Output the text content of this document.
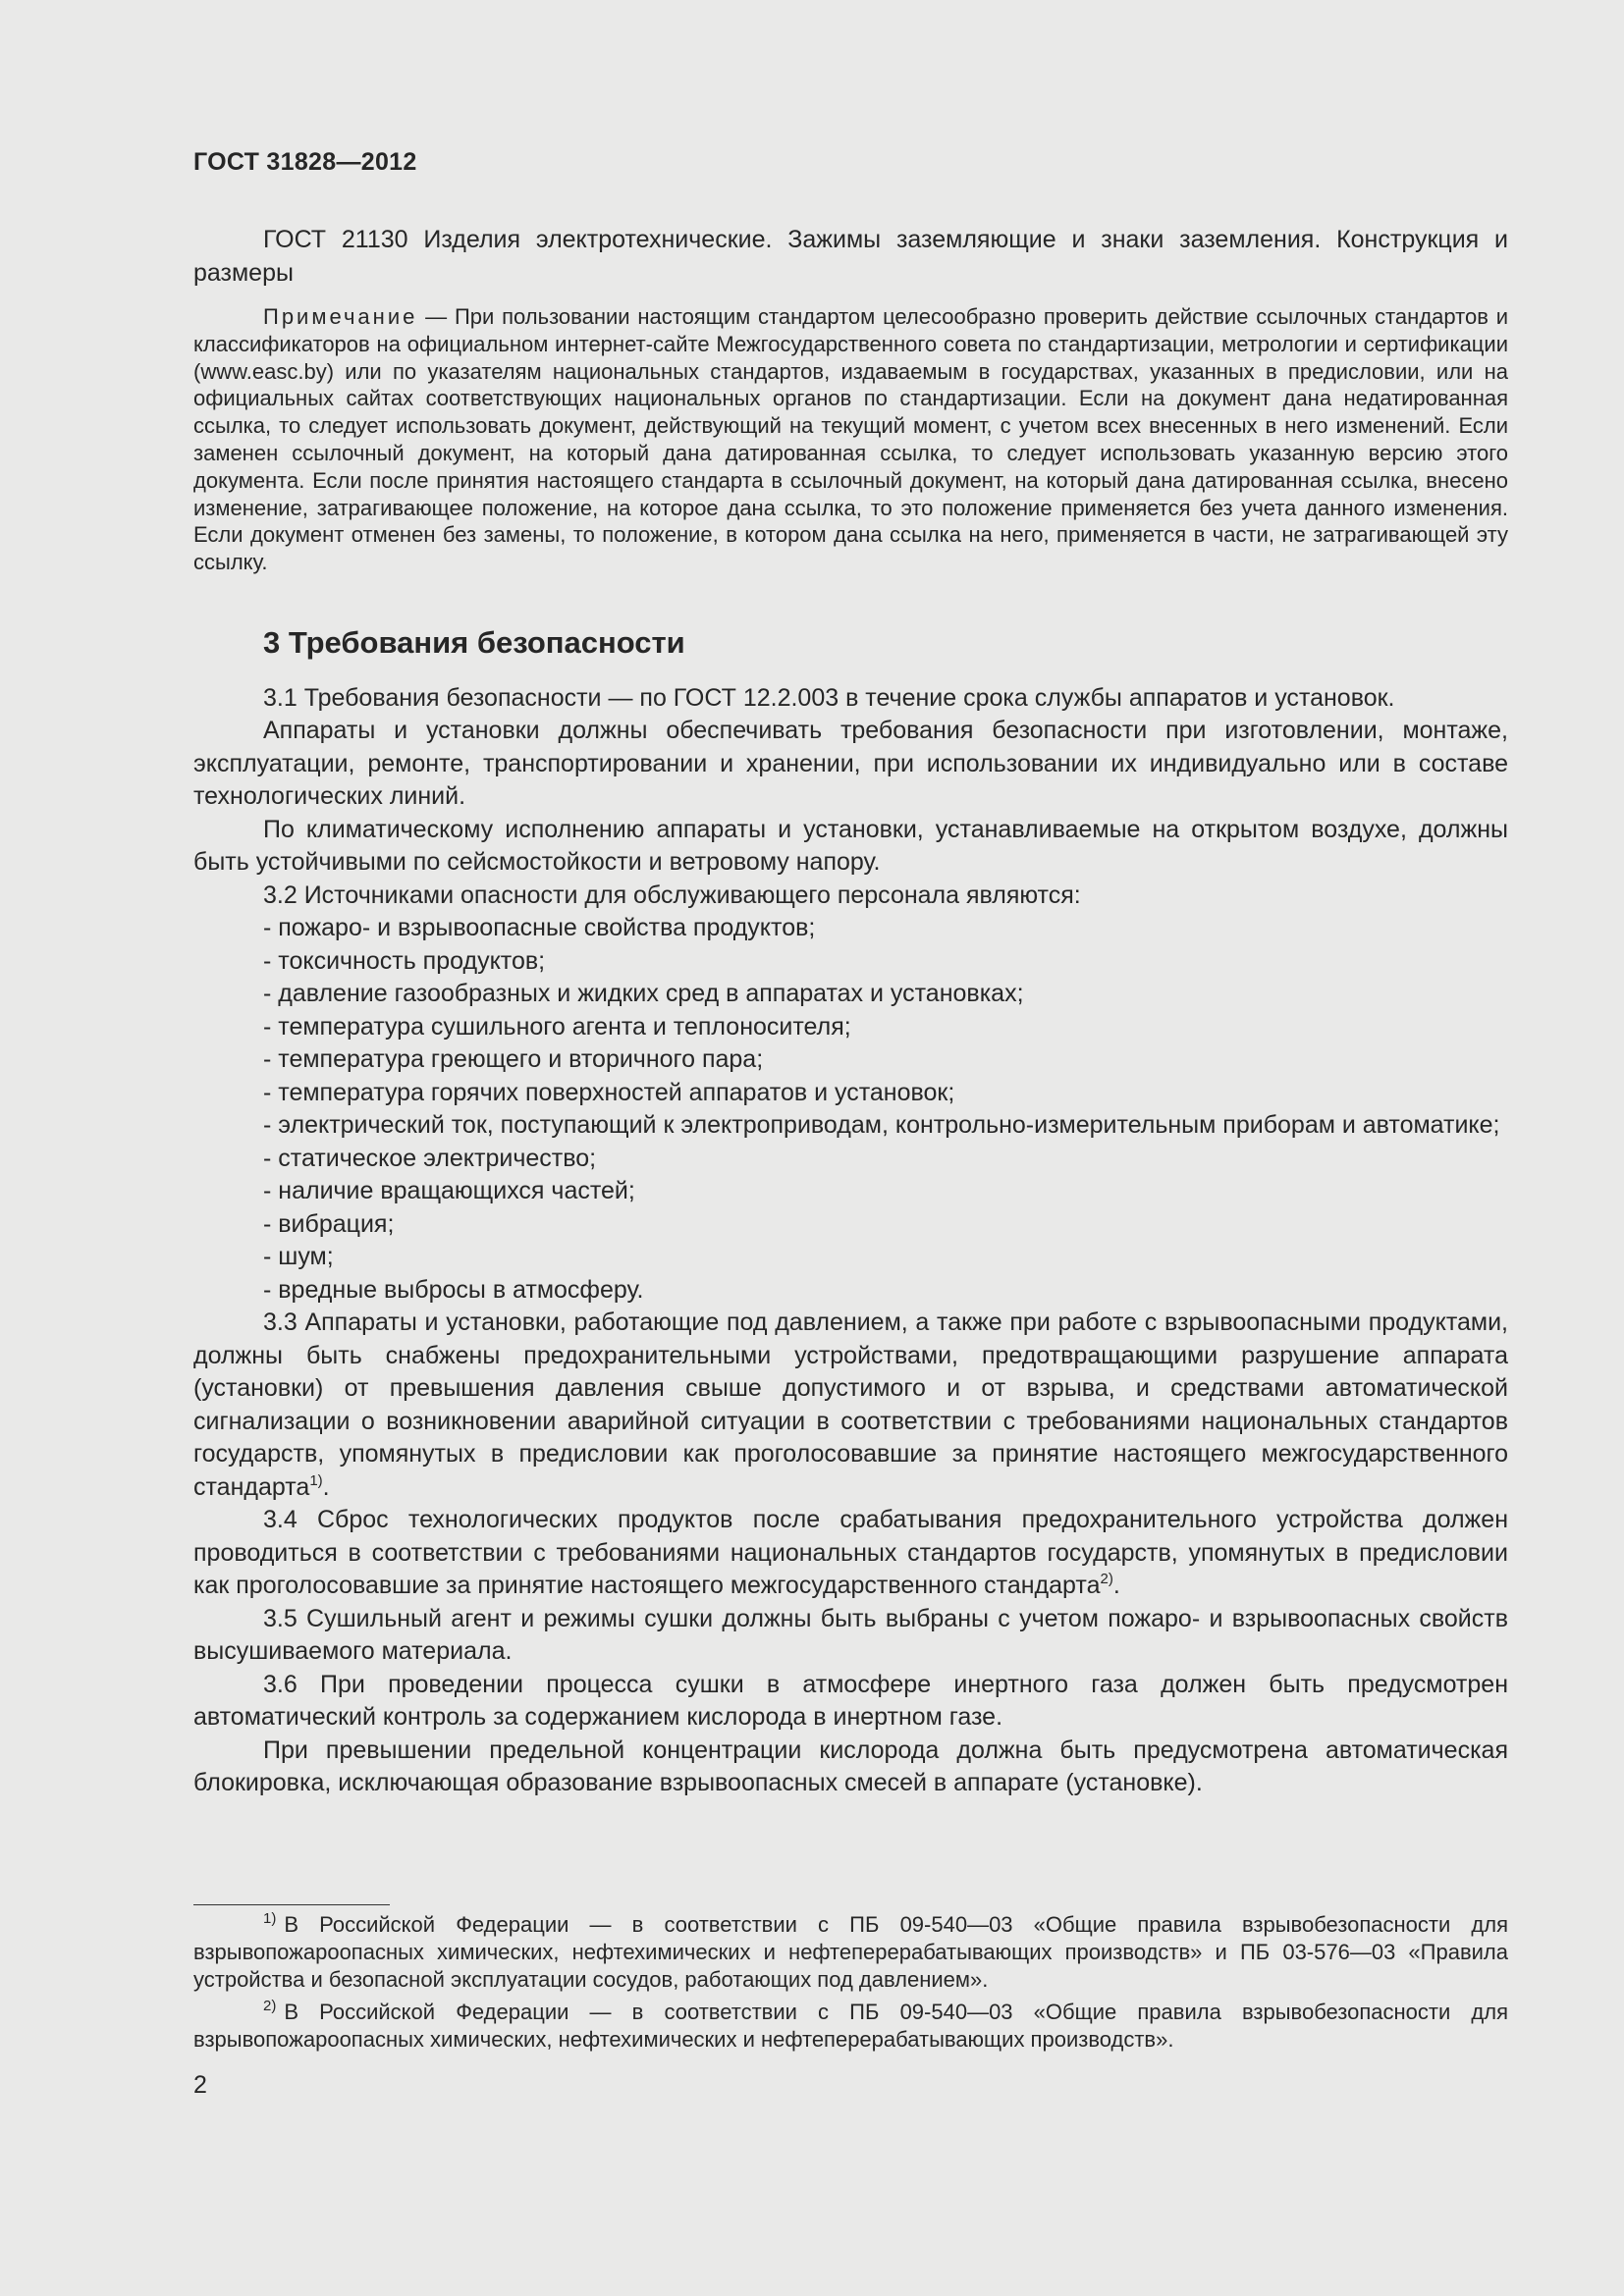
ГОСТ 31828—2012

ГОСТ 21130 Изделия электротехнические. Зажимы заземляющие и знаки заземления. Конструкция и размеры

Примечание — При пользовании настоящим стандартом целесообразно проверить действие ссылочных стандартов и классификаторов на официальном интернет-сайте Межгосударственного совета по стандартизации, метрологии и сертификации (www.easc.by) или по указателям национальных стандартов, издаваемым в государствах, указанных в предисловии, или на официальных сайтах соответствующих национальных органов по стандартизации. Если на документ дана недатированная ссылка, то следует использовать документ, действующий на текущий момент, с учетом всех внесенных в него изменений. Если заменен ссылочный документ, на который дана датированная ссылка, то следует использовать указанную версию этого документа. Если после принятия настоящего стандарта в ссылочный документ, на который дана датированная ссылка, внесено изменение, затрагивающее положение, на которое дана ссылка, то это положение применяется без учета данного изменения. Если документ отменен без замены, то положение, в котором дана ссылка на него, применяется в части, не затрагивающей эту ссылку.

3 Требования безопасности

3.1 Требования безопасности — по ГОСТ 12.2.003 в течение срока службы аппаратов и установок.

Аппараты и установки должны обеспечивать требования безопасности при изготовлении, монтаже, эксплуатации, ремонте, транспортировании и хранении, при использовании их индивидуально или в составе технологических линий.

По климатическому исполнению аппараты и установки, устанавливаемые на открытом воздухе, должны быть устойчивыми по сейсмостойкости и ветровому напору.

3.2 Источниками опасности для обслуживающего персонала являются:

- пожаро- и взрывоопасные свойства продуктов;

- токсичность продуктов;

- давление газообразных и жидких сред в аппаратах и установках;

- температура сушильного агента и теплоносителя;

- температура греющего и вторичного пара;

- температура горячих поверхностей аппаратов и установок;

- электрический ток, поступающий к электроприводам, контрольно-измерительным приборам и автоматике;

- статическое электричество;

- наличие вращающихся частей;

- вибрация;

- шум;

- вредные выбросы в атмосферу.

3.3 Аппараты и установки, работающие под давлением, а также при работе с взрывоопасными продуктами, должны быть снабжены предохранительными устройствами, предотвращающими разрушение аппарата (установки) от превышения давления свыше допустимого и от взрыва, и средствами автоматической сигнализации о возникновении аварийной ситуации в соответствии с требованиями национальных стандартов государств, упомянутых в предисловии как проголосовавшие за принятие настоящего межгосударственного стандарта$^{1)}$.

3.4 Сброс технологических продуктов после срабатывания предохранительного устройства должен проводиться в соответствии с требованиями национальных стандартов государств, упомянутых в предисловии как проголосовавшие за принятие настоящего межгосударственного стандарта$^{2)}$.

3.5 Сушильный агент и режимы сушки должны быть выбраны с учетом пожаро- и взрывоопасных свойств высушиваемого материала.

3.6 При проведении процесса сушки в атмосфере инертного газа должен быть предусмотрен автоматический контроль за содержанием кислорода в инертном газе.

При превышении предельной концентрации кислорода должна быть предусмотрена автоматическая блокировка, исключающая образование взрывоопасных смесей в аппарате (установке).

$^{1)}$ В Российской Федерации — в соответствии с ПБ 09-540—03 «Общие правила взрывобезопасности для взрывопожароопасных химических, нефтехимических и нефтеперерабатывающих производств» и ПБ 03-576—03 «Правила устройства и безопасной эксплуатации сосудов, работающих под давлением».

$^{2)}$ В Российской Федерации — в соответствии с ПБ 09-540—03 «Общие правила взрывобезопасности для взрывопожароопасных химических, нефтехимических и нефтеперерабатывающих производств».

2
